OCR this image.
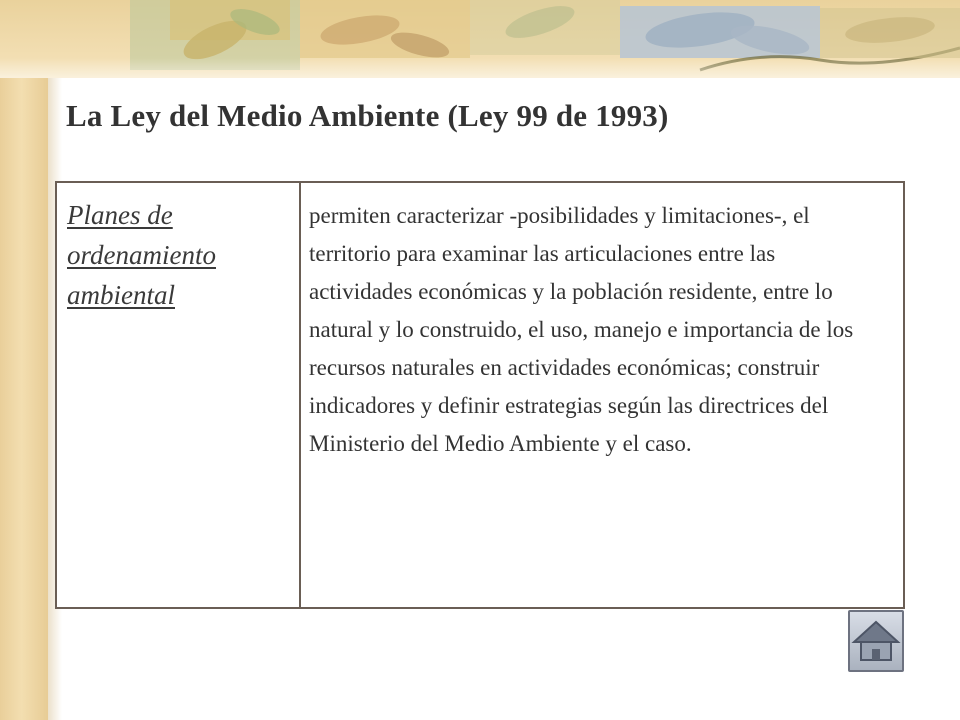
La Ley del Medio Ambiente (Ley 99 de 1993)
Planes de ordenamiento ambiental	
permiten caracterizar -posibilidades y limitaciones-, el territorio para examinar las articulaciones entre las actividades económicas y la población residente, entre lo natural y lo construido, el uso, manejo e importancia de los recursos naturales en actividades económicas; construir indicadores y definir estrategias según las directrices del Ministerio del Medio Ambiente y el caso.
